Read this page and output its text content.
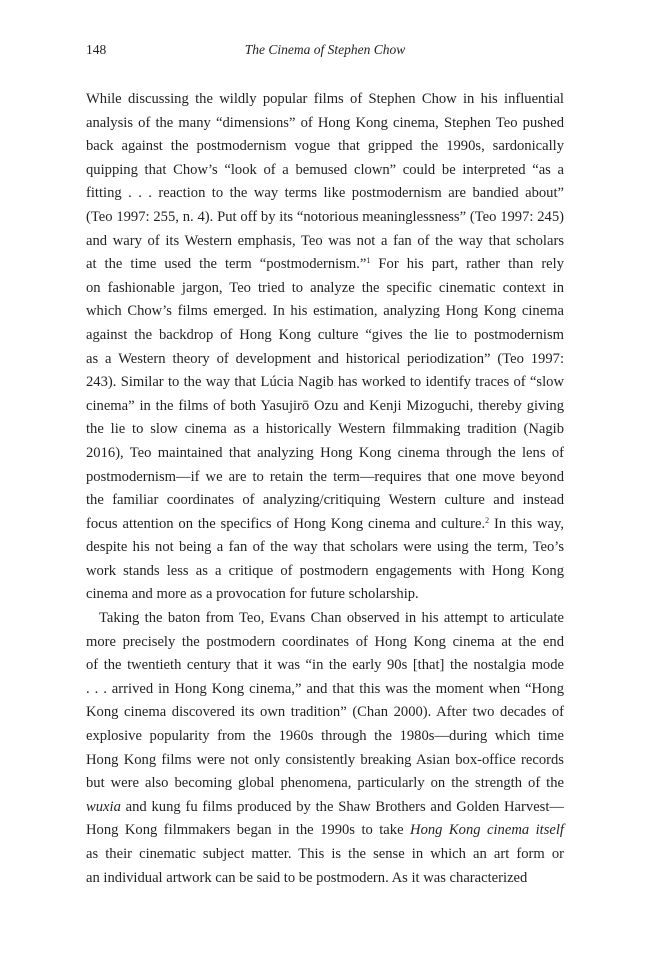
148	The Cinema of Stephen Chow
While discussing the wildly popular films of Stephen Chow in his influential
analysis of the many “dimensions” of Hong Kong cinema, Stephen Teo pushed
back against the postmodernism vogue that gripped the 1990s, sardonically
quipping that Chow’s “look of a bemused clown” could be interpreted “as a
fitting . . . reaction to the way terms like postmodernism are bandied about”
(Teo 1997: 255, n. 4). Put off by its “notorious meaninglessness” (Teo 1997: 245)
and wary of its Western emphasis, Teo was not a fan of the way that scholars
at the time used the term “postmodernism.”$^1$ For his part, rather than rely
on fashionable jargon, Teo tried to analyze the specific cinematic context in
which Chow’s films emerged. In his estimation, analyzing Hong Kong cinema
against the backdrop of Hong Kong culture “gives the lie to postmodernism
as a Western theory of development and historical periodization” (Teo 1997:
243). Similar to the way that Lúcia Nagib has worked to identify traces of “slow
cinema” in the films of both Yasujirō Ozu and Kenji Mizoguchi, thereby giving
the lie to slow cinema as a historically Western filmmaking tradition (Nagib
2016), Teo maintained that analyzing Hong Kong cinema through the lens of
postmodernism—if we are to retain the term—requires that one move beyond
the familiar coordinates of analyzing/critiquing Western culture and instead
focus attention on the specifics of Hong Kong cinema and culture.$^2$ In this way,
despite his not being a fan of the way that scholars were using the term, Teo’s
work stands less as a critique of postmodern engagements with Hong Kong
cinema and more as a provocation for future scholarship.
Taking the baton from Teo, Evans Chan observed in his attempt to articulate
more precisely the postmodern coordinates of Hong Kong cinema at the end
of the twentieth century that it was “in the early 90s [that] the nostalgia mode
. . . arrived in Hong Kong cinema,” and that this was the moment when “Hong
Kong cinema discovered its own tradition” (Chan 2000). After two decades of
explosive popularity from the 1960s through the 1980s—during which time
Hong Kong films were not only consistently breaking Asian box-office records
but were also becoming global phenomena, particularly on the strength of the
wuxia and kung fu films produced by the Shaw Brothers and Golden Harvest—
Hong Kong filmmakers began in the 1990s to take Hong Kong cinema itself
as their cinematic subject matter. This is the sense in which an art form or
an individual artwork can be said to be postmodern. As it was characterized
